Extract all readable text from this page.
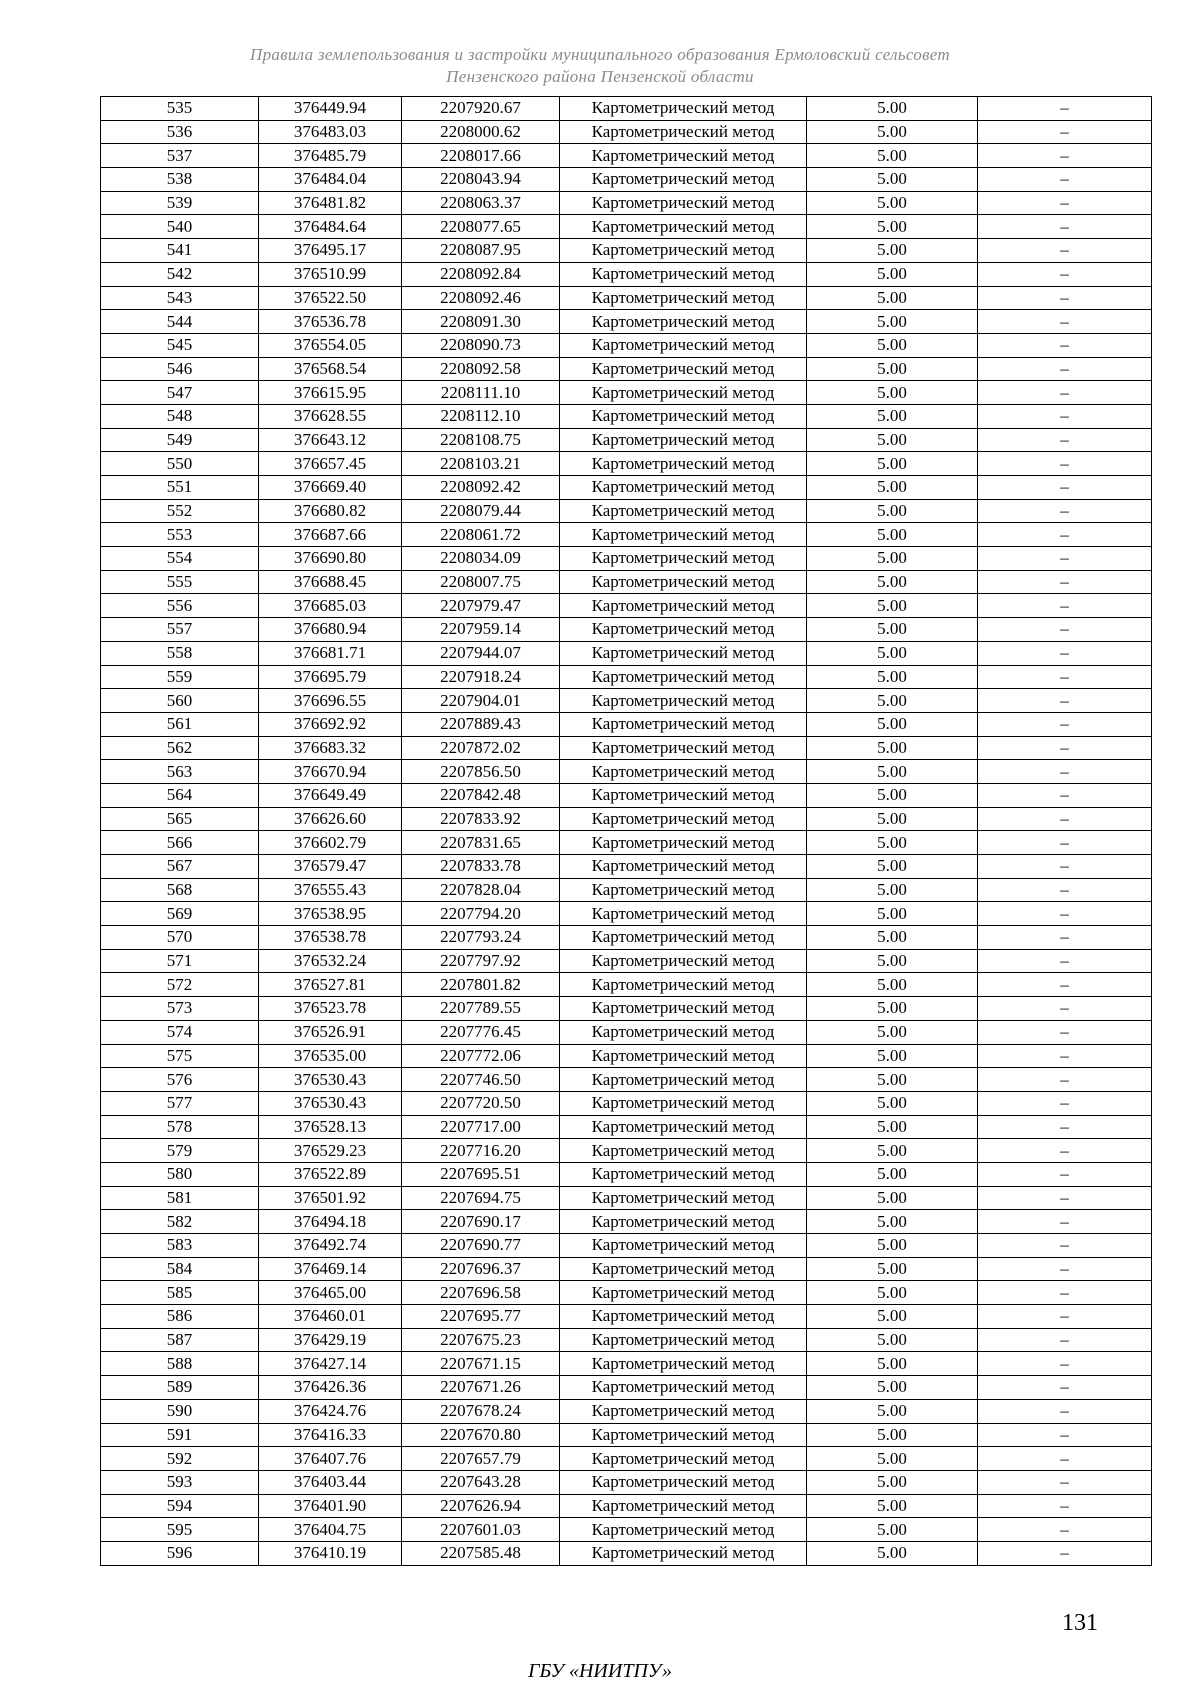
Правила землепользования и застройки муниципального образования Ермоловский сельсовет
Пензенского района Пензенской области
535	376449.94	2207920.67	Картометрический метод	5.00	–
536	376483.03	2208000.62	Картометрический метод	5.00	–
537	376485.79	2208017.66	Картометрический метод	5.00	–
538	376484.04	2208043.94	Картометрический метод	5.00	–
539	376481.82	2208063.37	Картометрический метод	5.00	–
540	376484.64	2208077.65	Картометрический метод	5.00	–
541	376495.17	2208087.95	Картометрический метод	5.00	–
542	376510.99	2208092.84	Картометрический метод	5.00	–
543	376522.50	2208092.46	Картометрический метод	5.00	–
544	376536.78	2208091.30	Картометрический метод	5.00	–
545	376554.05	2208090.73	Картометрический метод	5.00	–
546	376568.54	2208092.58	Картометрический метод	5.00	–
547	376615.95	2208111.10	Картометрический метод	5.00	–
548	376628.55	2208112.10	Картометрический метод	5.00	–
549	376643.12	2208108.75	Картометрический метод	5.00	–
550	376657.45	2208103.21	Картометрический метод	5.00	–
551	376669.40	2208092.42	Картометрический метод	5.00	–
552	376680.82	2208079.44	Картометрический метод	5.00	–
553	376687.66	2208061.72	Картометрический метод	5.00	–
554	376690.80	2208034.09	Картометрический метод	5.00	–
555	376688.45	2208007.75	Картометрический метод	5.00	–
556	376685.03	2207979.47	Картометрический метод	5.00	–
557	376680.94	2207959.14	Картометрический метод	5.00	–
558	376681.71	2207944.07	Картометрический метод	5.00	–
559	376695.79	2207918.24	Картометрический метод	5.00	–
560	376696.55	2207904.01	Картометрический метод	5.00	–
561	376692.92	2207889.43	Картометрический метод	5.00	–
562	376683.32	2207872.02	Картометрический метод	5.00	–
563	376670.94	2207856.50	Картометрический метод	5.00	–
564	376649.49	2207842.48	Картометрический метод	5.00	–
565	376626.60	2207833.92	Картометрический метод	5.00	–
566	376602.79	2207831.65	Картометрический метод	5.00	–
567	376579.47	2207833.78	Картометрический метод	5.00	–
568	376555.43	2207828.04	Картометрический метод	5.00	–
569	376538.95	2207794.20	Картометрический метод	5.00	–
570	376538.78	2207793.24	Картометрический метод	5.00	–
571	376532.24	2207797.92	Картометрический метод	5.00	–
572	376527.81	2207801.82	Картометрический метод	5.00	–
573	376523.78	2207789.55	Картометрический метод	5.00	–
574	376526.91	2207776.45	Картометрический метод	5.00	–
575	376535.00	2207772.06	Картометрический метод	5.00	–
576	376530.43	2207746.50	Картометрический метод	5.00	–
577	376530.43	2207720.50	Картометрический метод	5.00	–
578	376528.13	2207717.00	Картометрический метод	5.00	–
579	376529.23	2207716.20	Картометрический метод	5.00	–
580	376522.89	2207695.51	Картометрический метод	5.00	–
581	376501.92	2207694.75	Картометрический метод	5.00	–
582	376494.18	2207690.17	Картометрический метод	5.00	–
583	376492.74	2207690.77	Картометрический метод	5.00	–
584	376469.14	2207696.37	Картометрический метод	5.00	–
585	376465.00	2207696.58	Картометрический метод	5.00	–
586	376460.01	2207695.77	Картометрический метод	5.00	–
587	376429.19	2207675.23	Картометрический метод	5.00	–
588	376427.14	2207671.15	Картометрический метод	5.00	–
589	376426.36	2207671.26	Картометрический метод	5.00	–
590	376424.76	2207678.24	Картометрический метод	5.00	–
591	376416.33	2207670.80	Картометрический метод	5.00	–
592	376407.76	2207657.79	Картометрический метод	5.00	–
593	376403.44	2207643.28	Картометрический метод	5.00	–
594	376401.90	2207626.94	Картометрический метод	5.00	–
595	376404.75	2207601.03	Картометрический метод	5.00	–
596	376410.19	2207585.48	Картометрический метод	5.00	–
131
ГБУ «НИИТПУ»
